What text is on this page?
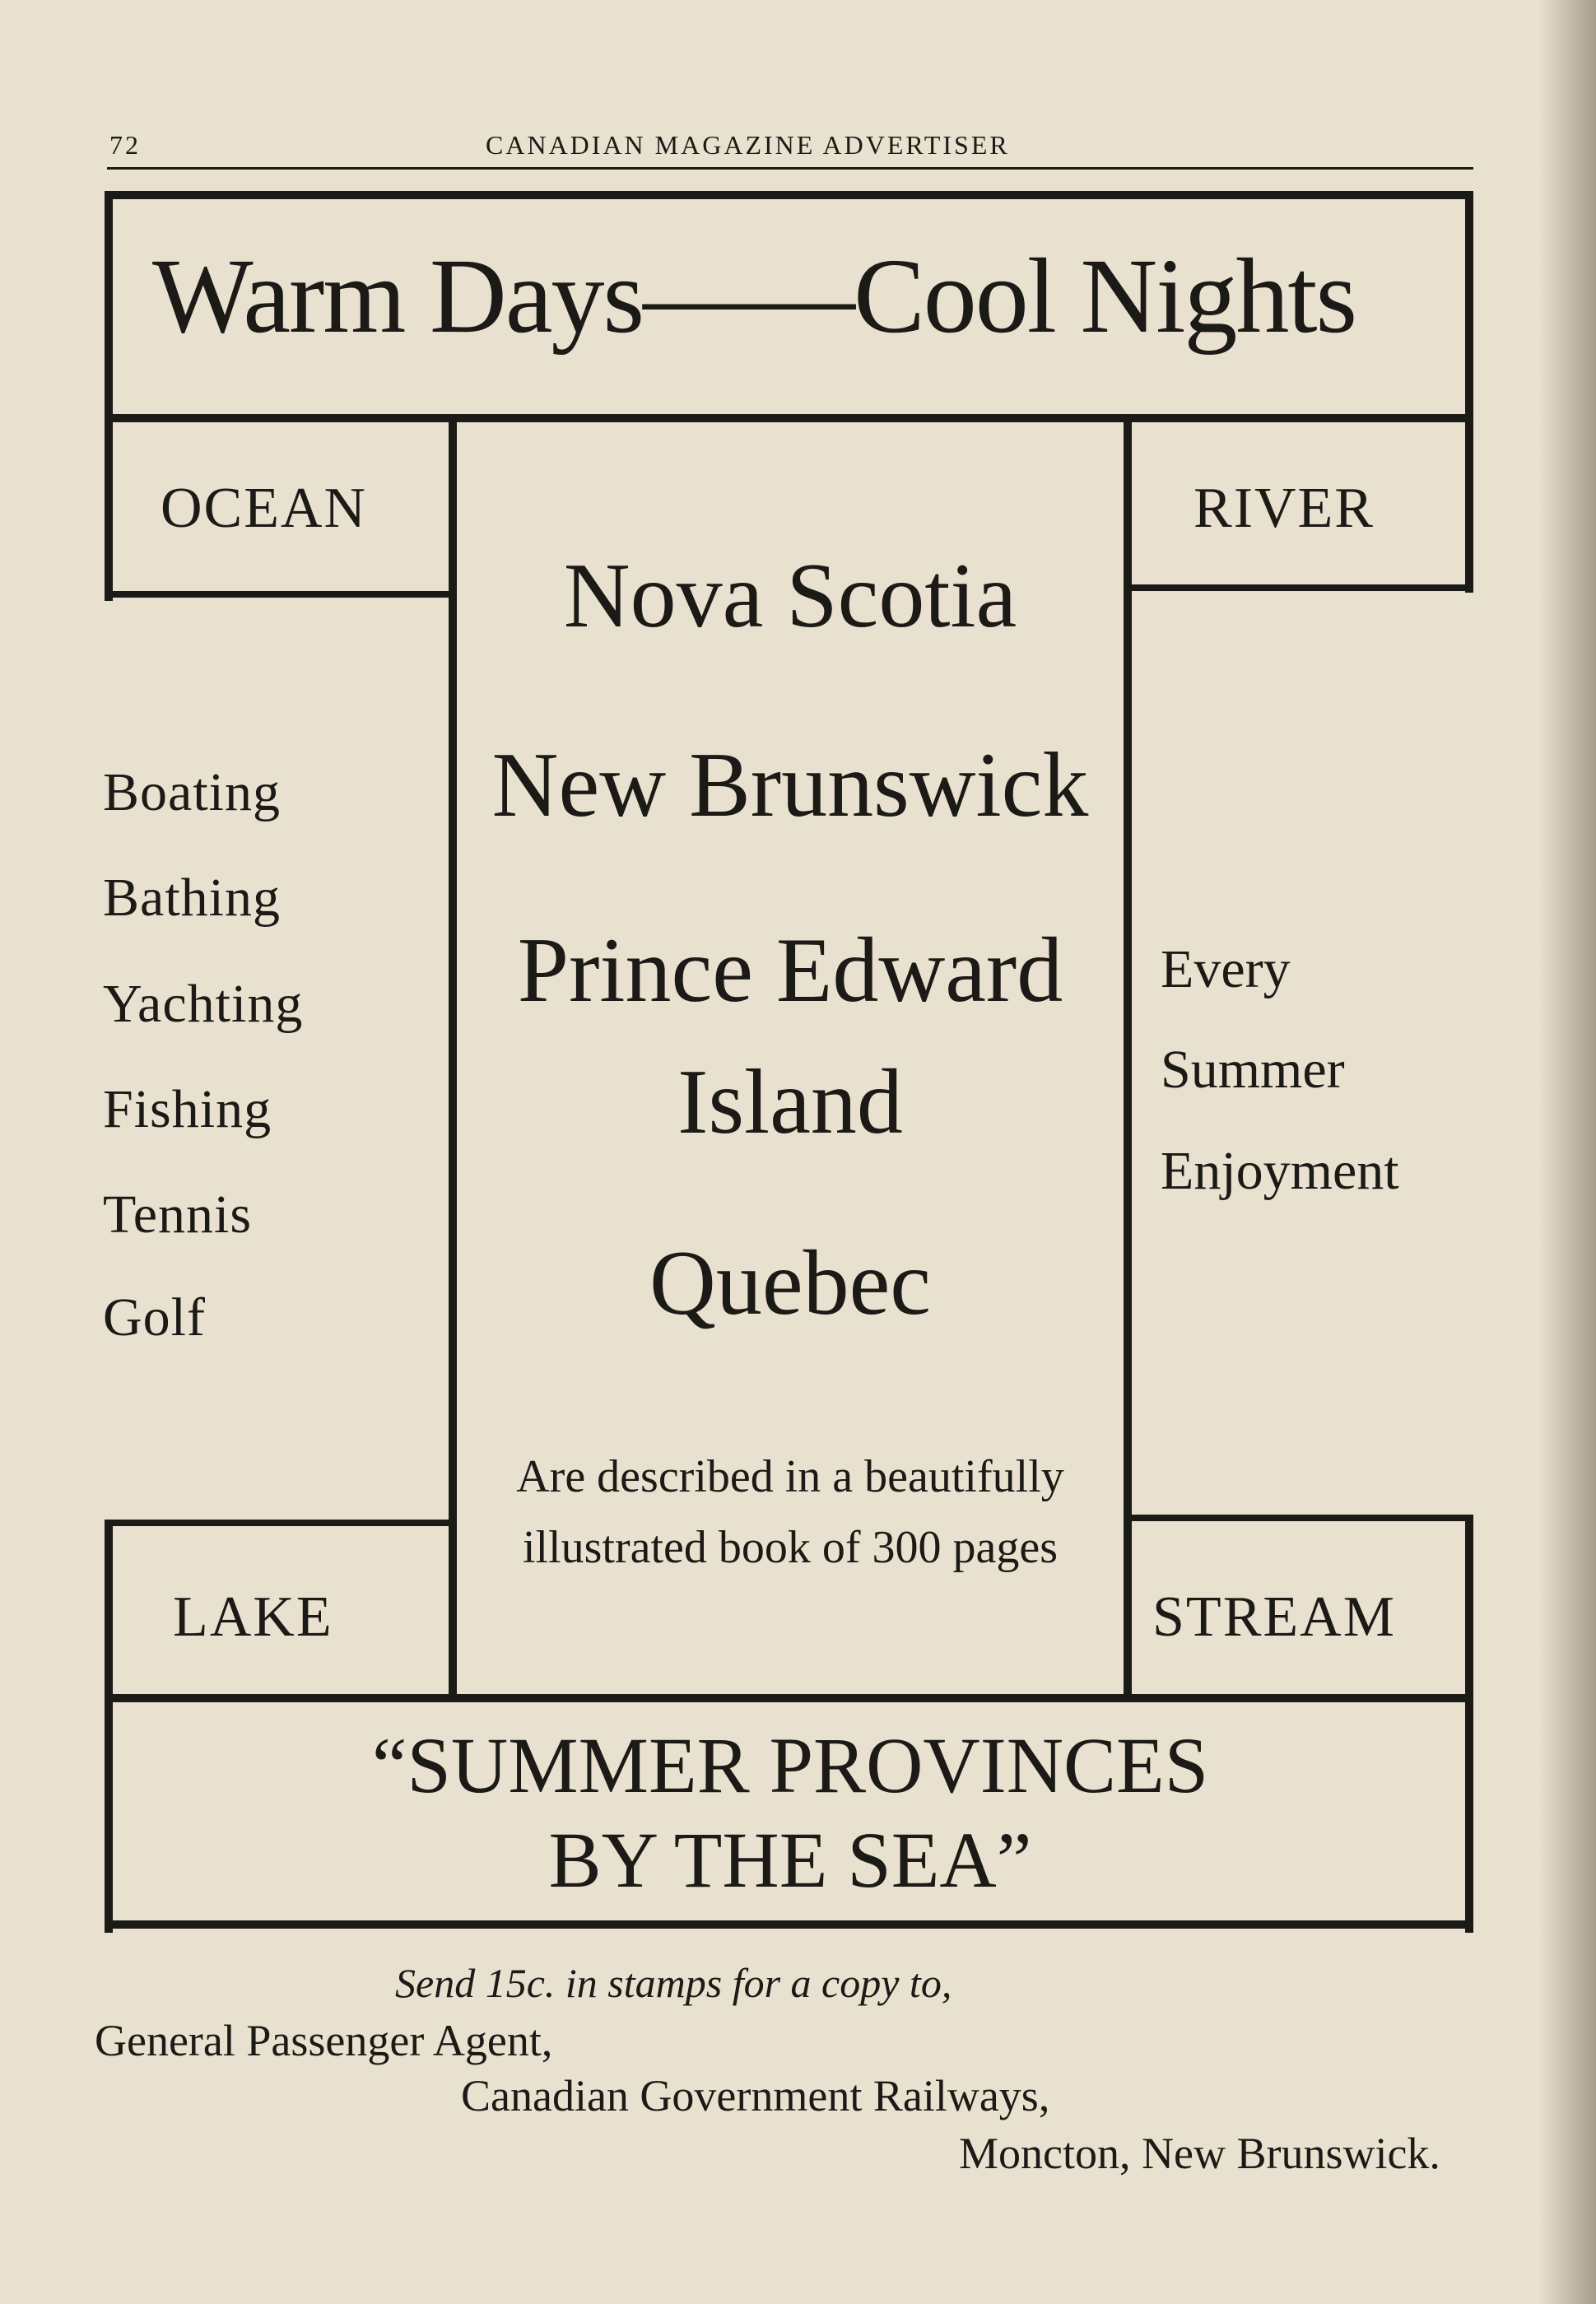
72	CANADIAN MAGAZINE ADVERTISER
Warm Days——Cool Nights
OCEAN	RIVER
LAKE	STREAM
Boating
Bathing
Yachting
Fishing
Tennis
Golf
Nova Scotia
New Brunswick
Prince Edward
Island
Quebec
Every
Summer
Enjoyment
Are described in a beautifully
illustrated book of 300 pages
“SUMMER PROVINCES
BY THE SEA”
Send 15c. in stamps for a copy to,
General Passenger Agent,
Canadian Government Railways,
Moncton, New Brunswick.
